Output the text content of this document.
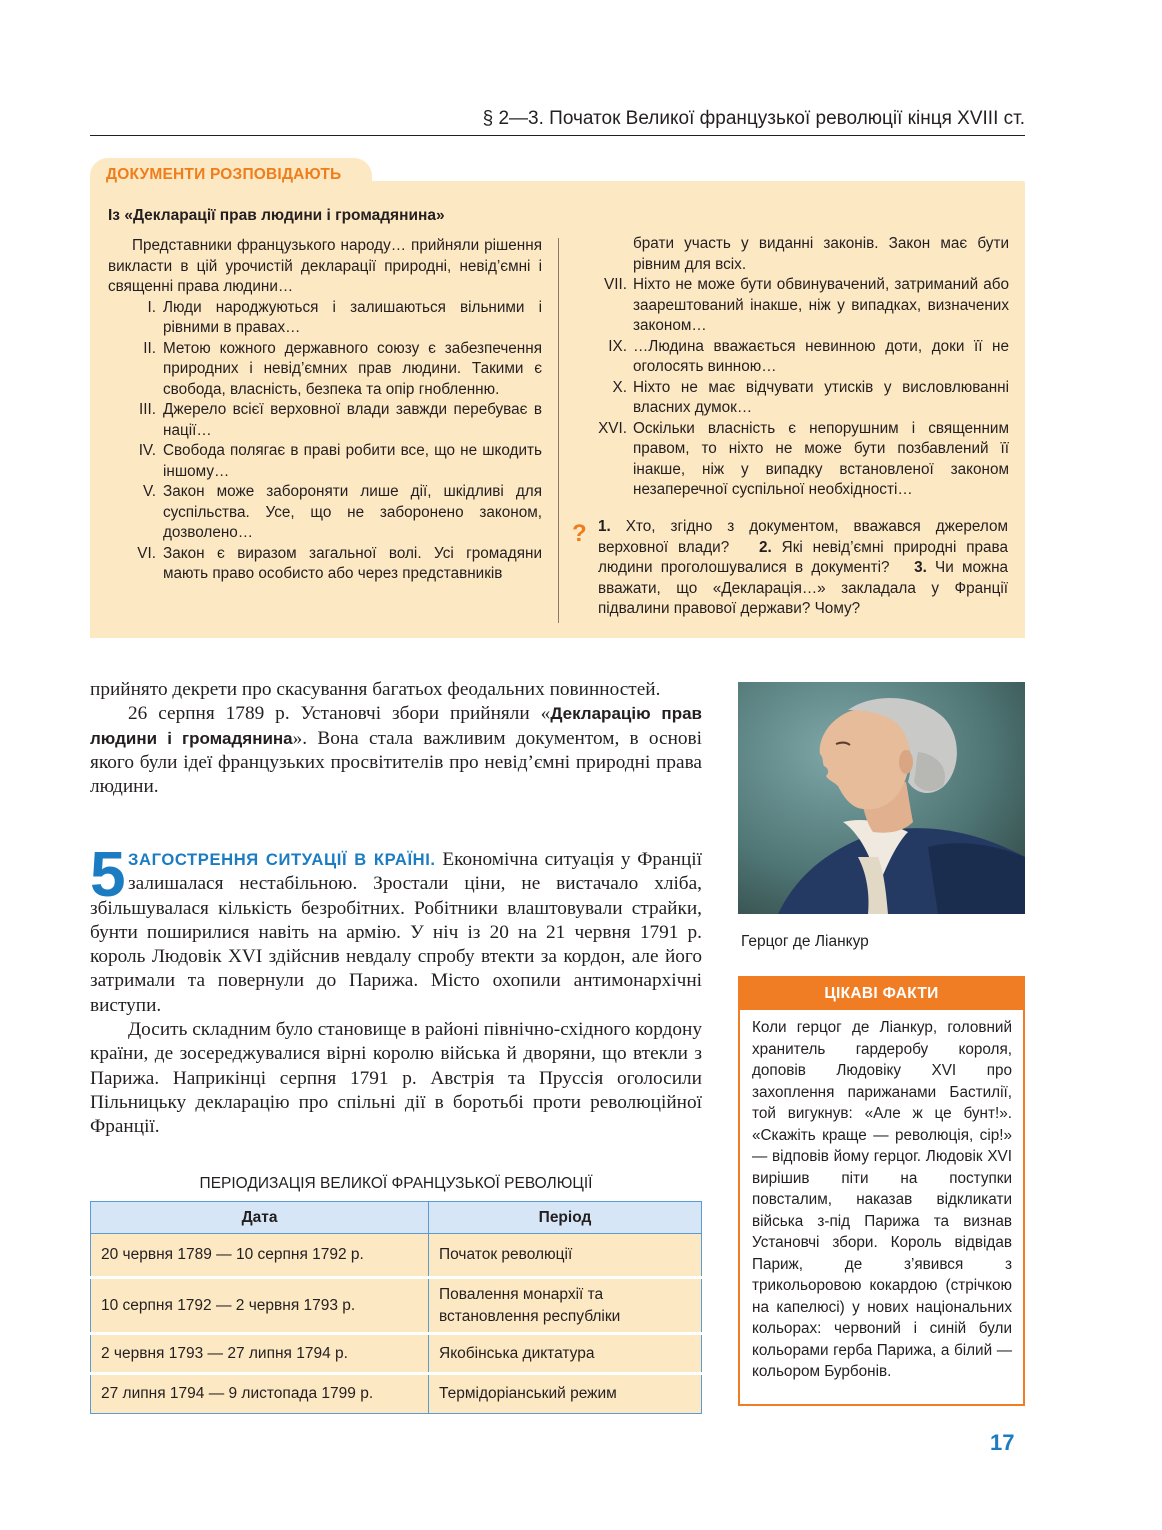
§ 2—3. Початок Великої французької революції кінця XVIII ст.
ДОКУМЕНТИ РОЗПОВІДАЮТЬ
Із «Декларації прав людини і громадянина»

Представники французького народу… прийняли рішення викласти в цій урочистій декларації природні, невід’ємні і священні права людини…

I. Люди народжуються і залишаються вільними і рівними в правах…
II. Метою кожного державного союзу є забезпечення природних і невід’ємних прав людини. Такими є свобода, власність, безпека та опір гнобленню.
III. Джерело всієї верховної влади завжди перебуває в нації…
IV. Свобода полягає в праві робити все, що не шкодить іншому…
V. Закон може забороняти лише дії, шкідливі для суспільства. Усе, що не заборонено законом, дозволено…
VI. Закон є виразом загальної волі. Усі громадяни мають право особисто або через представників
брати участь у виданні законів. Закон має бути рівним для всіх.
VII. Ніхто не може бути обвинувачений, затриманий або заарештований інакше, ніж у випадках, визначених законом…
IX. …Людина вважається невинною доти, доки її не оголосять винною…
X. Ніхто не має відчувати утисків у висловлюванні власних думок…
XVI. Оскільки власність є непорушним і священним правом, то ніхто не може бути позбавлений її інакше, ніж у випадку встановленої законом незаперечної суспільної необхідності…
? 1. Хто, згідно з документом, вважався джерелом верховної влади? 2. Які невід’ємні природні права людини проголошувалися в документі? 3. Чи можна вважати, що «Декларація…» закладала у Франції підвалини правової держави? Чому?

прийнято декрети про скасування багатьох феодальних повинностей.

26 серпня 1789 р. Установчі збори прийняли «Декларацію прав людини і громадянина». Вона стала важливим документом, в основі якого були ідеї французьких просвітителів про невід’ємні природні права людини.

5 ЗАГОСТРЕННЯ СИТУАЦІЇ В КРАЇНІ. Економічна ситуація у Франції залишалася нестабільною. Зростали ціни, не вистачало хліба, збільшувалася кількість безробітних. Робітники влаштовували страйки, бунти поширилися навіть на армію. У ніч із 20 на 21 червня 1791 р. король Людовік XVI здійснив невдалу спробу втекти за кордон, але його затримали та повернули до Парижа. Місто охопили антимонархічні виступи.

Досить складним було становище в районі північно-східного кордону країни, де зосереджувалися вірні королю війська й дворяни, що втекли з Парижа. Наприкінці серпня 1791 р. Австрія та Пруссія оголосили Пільницьку декларацію про спільні дії в боротьбі проти революційної Франції.

Герцог де Ліанкур
ЦІКАВІ ФАКТИ
Коли герцог де Ліанкур, головний хранитель гардеробу короля, доповів Людовіку XVI про захоплення парижанами Бастилії, той вигукнув: «Але ж це бунт!». «Скажіть краще — революція, сір!» — відповів йому герцог. Людовік XVI вирішив піти на поступки повсталим, наказав відкликати війська з-під Парижа та визнав Установчі збори. Король відвідав Париж, де з’явився з трикольоровою кокардою (стрічкою на капелюсі) у нових національних кольорах: червоний і синій були кольорами герба Парижа, а білий — кольором Бурбонів.
ПЕРІОДИЗАЦІЯ ВЕЛИКОЇ ФРАНЦУЗЬКОЇ РЕВОЛЮЦІЇ
Дата	Період
20 червня 1789 — 10 серпня 1792 р.	Початок революції
10 серпня 1792 — 2 червня 1793 р.	Повалення монархії та встановлення республіки
2 червня 1793 — 27 липня 1794 р.	Якобінська диктатура
27 липня 1794 — 9 листопада 1799 р.	Термідоріанський режим
17
